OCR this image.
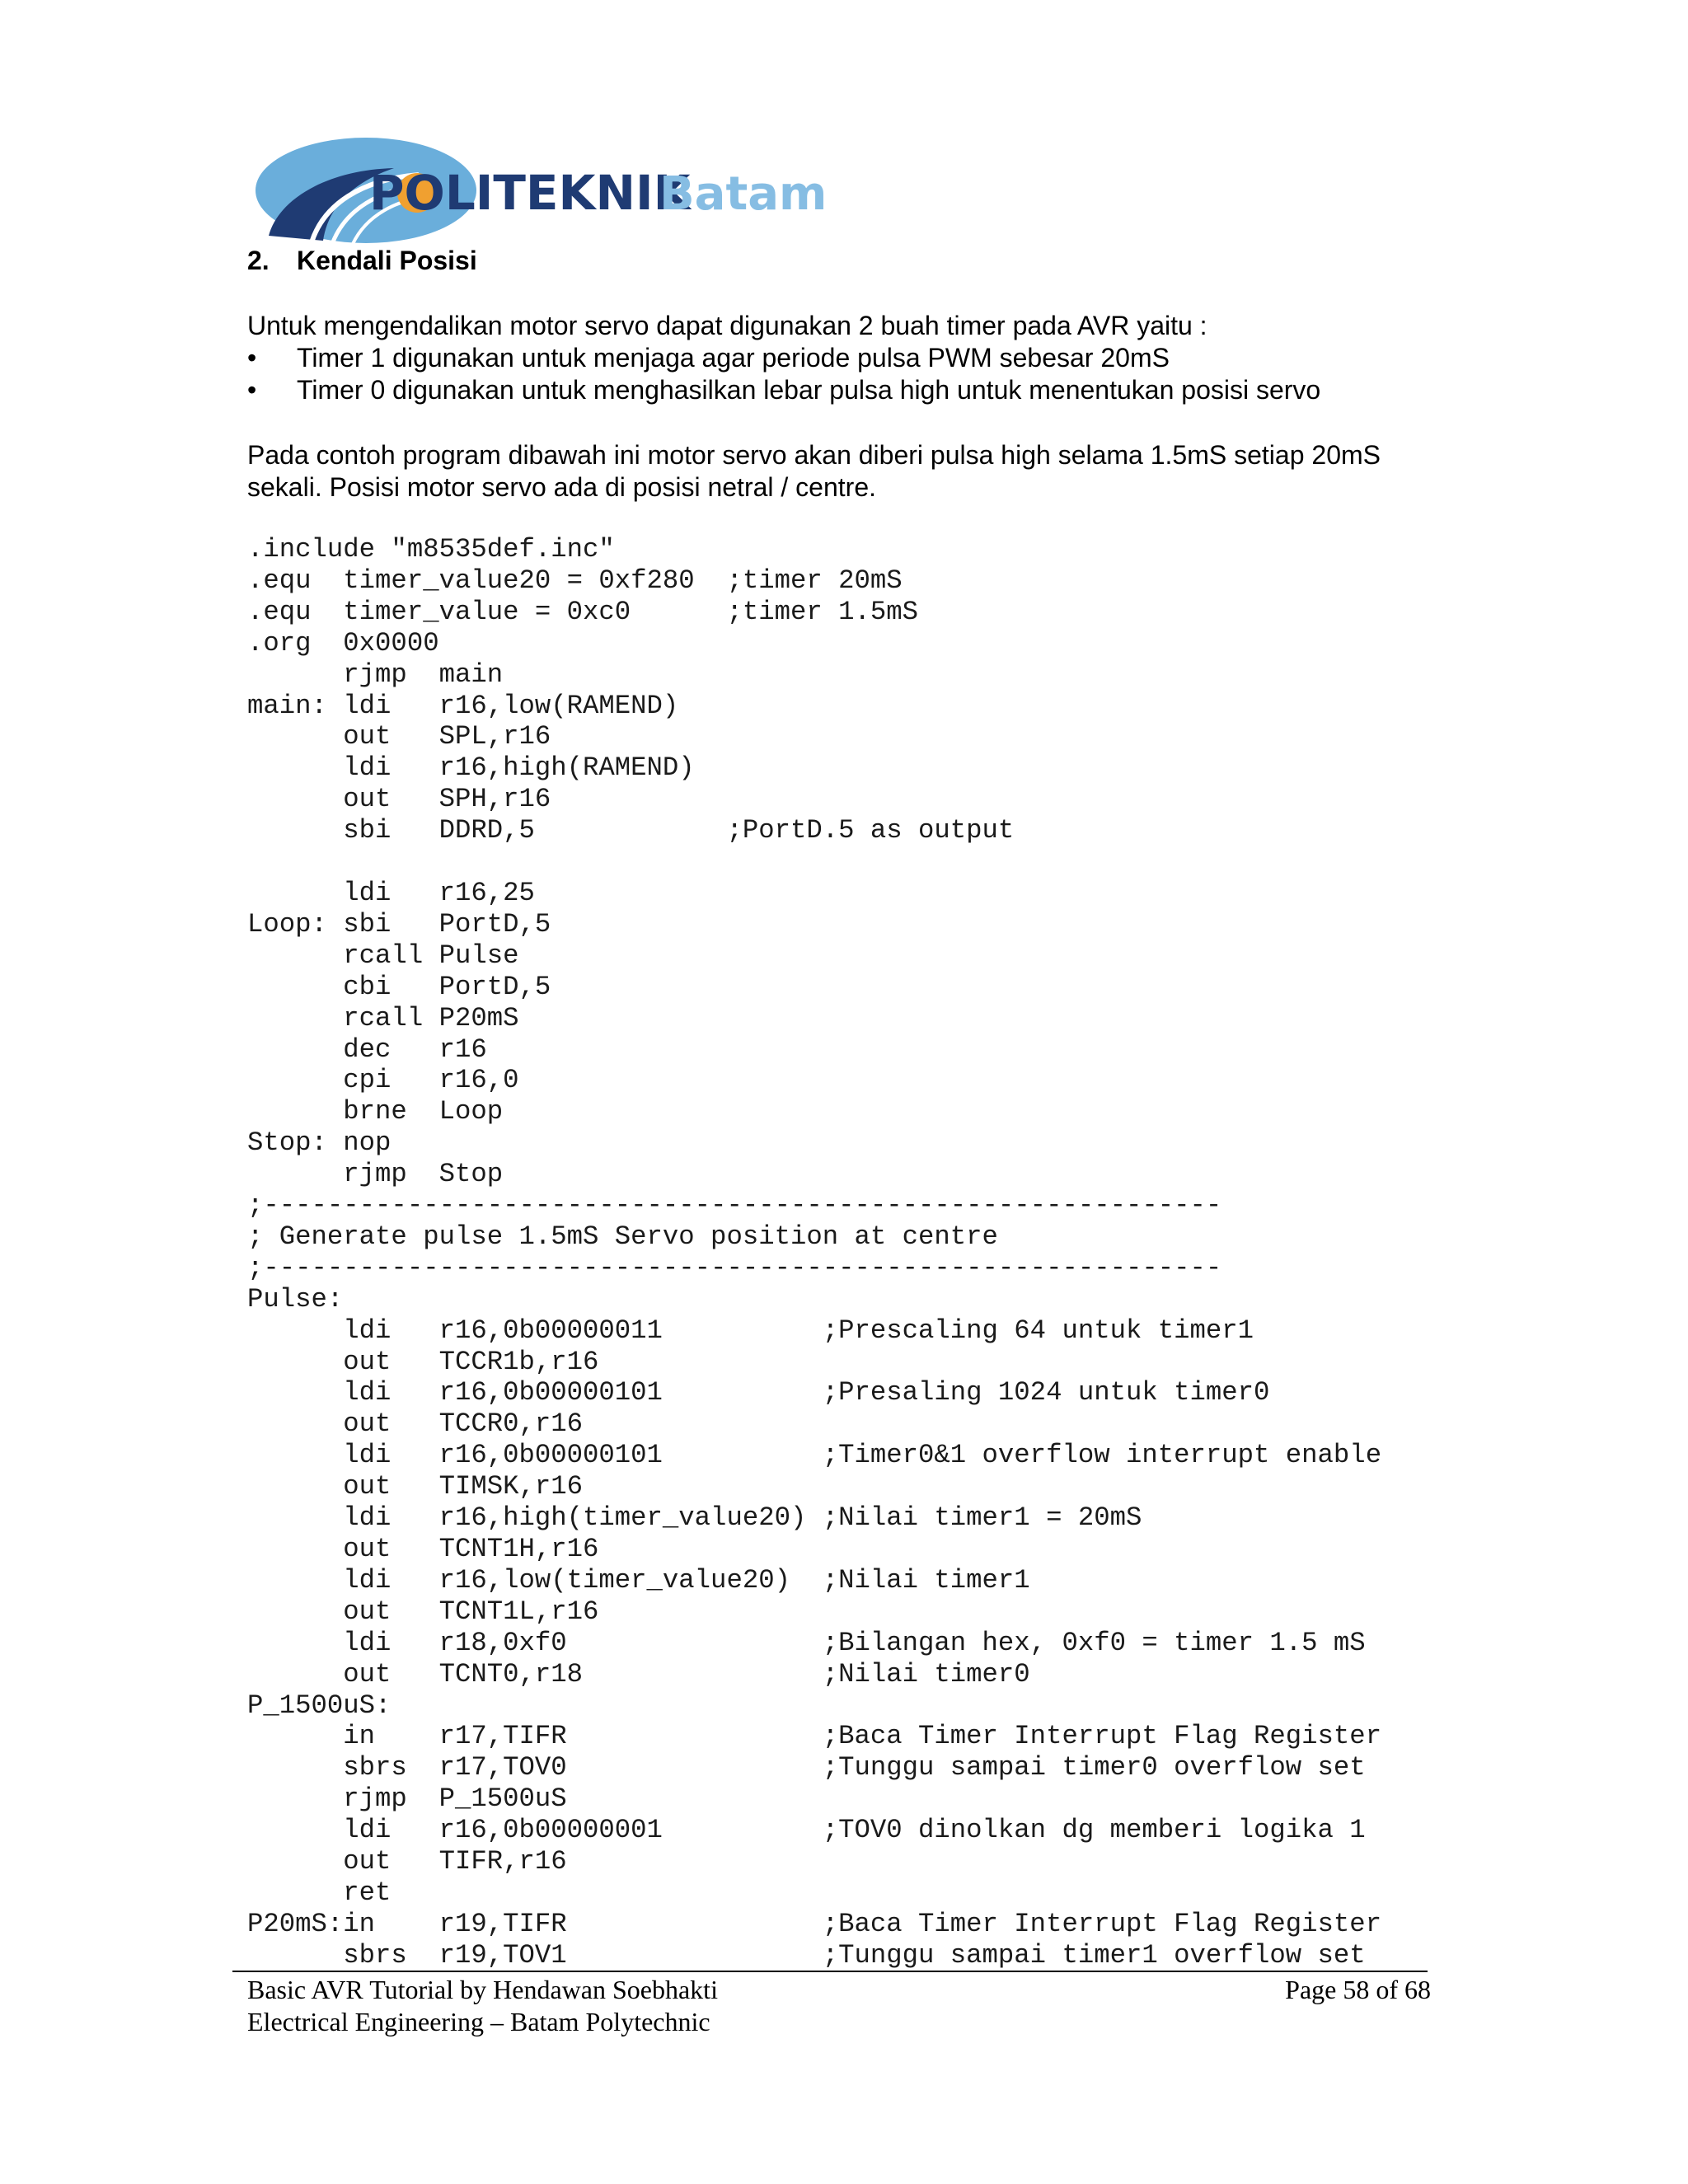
POLITEKNIK
Batam
2. Kendali Posisi
Untuk mengendalikan motor servo dapat digunakan 2 buah timer pada AVR yaitu :
• Timer 1 digunakan untuk menjaga agar periode pulsa PWM sebesar 20mS
• Timer 0 digunakan untuk menghasilkan lebar pulsa high untuk menentukan posisi servo
Pada contoh program dibawah ini motor servo akan diberi pulsa high selama 1.5mS setiap 20mS sekali. Posisi motor servo ada di posisi netral / centre.
.include "m8535def.inc"
.equ  timer_value20 = 0xf280  ;timer 20mS
.equ  timer_value = 0xc0      ;timer 1.5mS
.org  0x0000
rjmp  main
main: ldi   r16,low(RAMEND)
out   SPL,r16
ldi   r16,high(RAMEND)
out   SPH,r16
sbi   DDRD,5            ;PortD.5 as output

ldi   r16,25
Loop: sbi   PortD,5
rcall Pulse
cbi   PortD,5
rcall P20mS
dec   r16
cpi   r16,0
brne  Loop
Stop: nop
rjmp  Stop
;------------------------------------------------------------
; Generate pulse 1.5mS Servo position at centre
;------------------------------------------------------------
Pulse:
ldi   r16,0b00000011          ;Prescaling 64 untuk timer1
out   TCCR1b,r16
ldi   r16,0b00000101          ;Presaling 1024 untuk timer0
out   TCCR0,r16
ldi   r16,0b00000101          ;Timer0&1 overflow interrupt enable
out   TIMSK,r16
ldi   r16,high(timer_value20) ;Nilai timer1 = 20mS
out   TCNT1H,r16
ldi   r16,low(timer_value20)  ;Nilai timer1
out   TCNT1L,r16
ldi   r18,0xf0                ;Bilangan hex, 0xf0 = timer 1.5 mS
out   TCNT0,r18               ;Nilai timer0
P_1500uS:
in    r17,TIFR                ;Baca Timer Interrupt Flag Register
sbrs  r17,TOV0                ;Tunggu sampai timer0 overflow set
rjmp  P_1500uS
ldi   r16,0b00000001          ;TOV0 dinolkan dg memberi logika 1
out   TIFR,r16
ret
P20mS:in    r19,TIFR                ;Baca Timer Interrupt Flag Register
sbrs  r19,TOV1                ;Tunggu sampai timer1 overflow set
Basic AVR Tutorial by Hendawan Soebhakti	Page 58 of 68
Electrical Engineering – Batam Polytechnic
